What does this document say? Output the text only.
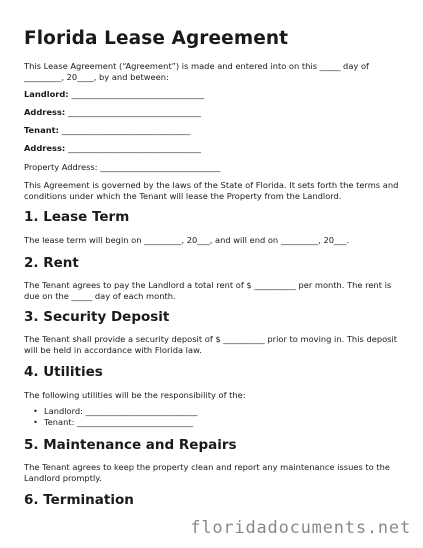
Florida Lease Agreement

This Lease Agreement (“Agreement”) is made and entered into on this _____ day of

_________, 20____, by and between:

Landlord: ________________________________

Address: ________________________________

Tenant: _______________________________

Address: ________________________________

Property Address: _____________________________

This Agreement is governed by the laws of the State of Florida. It sets forth the terms and conditions under which the Tenant will lease the Property from the Landlord.

1. Lease Term

The lease term will begin on _________, 20___, and will end on _________, 20___.

2. Rent

The Tenant agrees to pay the Landlord a total rent of $ __________ per month. The rent is due on the _____ day of each month.

3. Security Deposit

The Tenant shall provide a security deposit of $ __________ prior to moving in. This deposit will be held in accordance with Florida law.

4. Utilities

The following utilities will be the responsibility of the:

• Landlord: ___________________________
• Tenant: ____________________________
5. Maintenance and Repairs

The Tenant agrees to keep the property clean and report any maintenance issues to the Landlord promptly.

6. Termination
floridadocuments.net
